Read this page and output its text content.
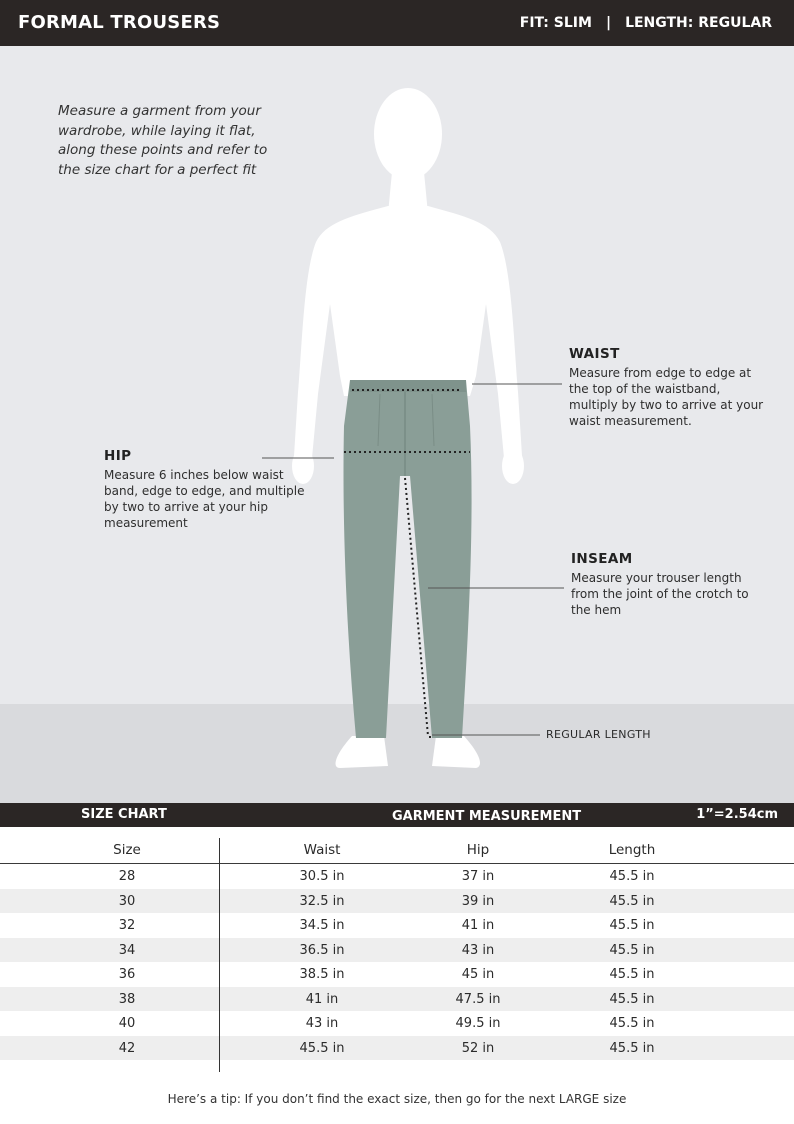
FORMAL TROUSERS	FIT: SLIM | LENGTH: REGULAR
Measure a garment from your wardrobe, while laying it flat, along these points and refer to the size chart for a perfect fit
WAIST
Measure from edge to edge at the top of the waistband, multiply by two to arrive at your waist measurement.
HIP
Measure 6 inches below waist band, edge to edge, and multiple by two to arrive at your hip measurement
INSEAM
Measure your trouser length from the joint of the crotch to the hem
REGULAR LENGTH
SIZE CHART	GARMENT MEASUREMENT	1”=2.54cm
Size	Waist	Hip	Length
28	30.5 in	37 in	45.5 in
30	32.5 in	39 in	45.5 in
32	34.5 in	41 in	45.5 in
34	36.5 in	43 in	45.5 in
36	38.5 in	45 in	45.5 in
38	41 in	47.5 in	45.5 in
40	43 in	49.5 in	45.5 in
42	45.5 in	52 in	45.5 in
Here’s a tip: If you don’t find the exact size, then go for the next LARGE size
